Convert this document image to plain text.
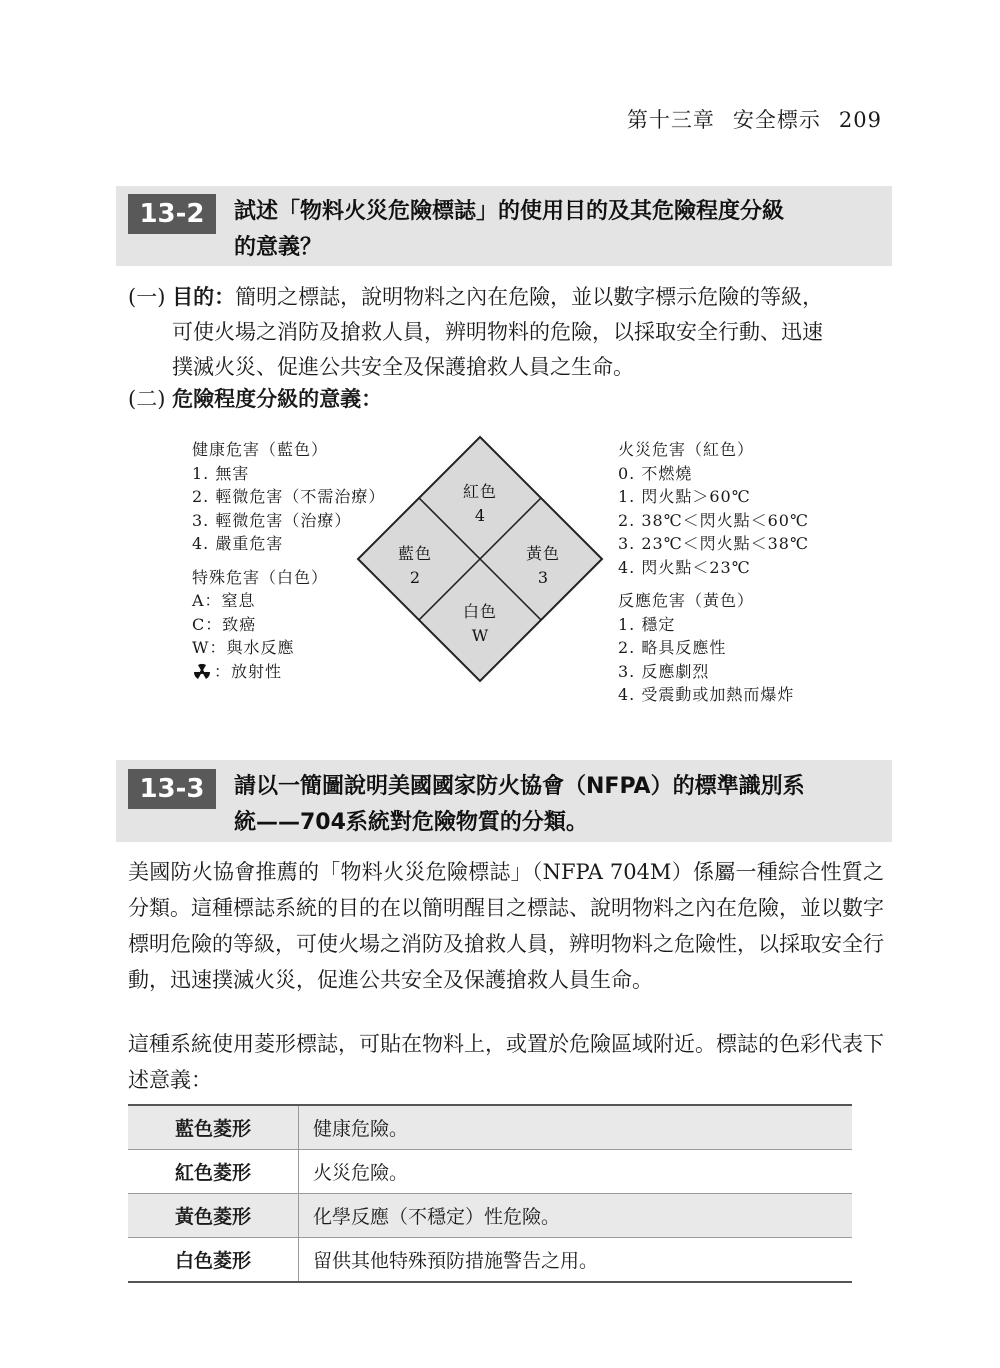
第十三章 安全標示 209
13-2	試述「物料火災危險標誌」的使用目的及其危險程度分級
的意義？
(一) 目的：簡明之標誌，說明物料之內在危險，並以數字標示危險的等級，
可使火場之消防及搶救人員，辨明物料的危險，以採取安全行動、迅速
撲滅火災、促進公共安全及保護搶救人員之生命。
(二) 危險程度分級的意義：
健康危害（藍色）
1. 無害
2. 輕微危害（不需治療）
3. 輕微危害（治療）
4. 嚴重危害
特殊危害（白色）
A：窒息
C：致癌
W：與水反應
：放射性
紅色
4
藍色
2
黃色
3
白色
W
火災危害（紅色）
0. 不燃燒
1. 閃火點＞60℃
2. 38℃＜閃火點＜60℃
3. 23℃＜閃火點＜38℃
4. 閃火點＜23℃
反應危害（黃色）
1. 穩定
2. 略具反應性
3. 反應劇烈
4. 受震動或加熱而爆炸
13-3	請以一簡圖說明美國國家防火協會（NFPA）的標準識別系
統——704系統對危險物質的分類。
美國防火協會推薦的「物料火災危險標誌」（NFPA 704M）係屬一種綜合性質之分類。這種標誌系統的目的在以簡明醒目之標誌、說明物料之內在危險，並以數字標明危險的等級，可使火場之消防及搶救人員，辨明物料之危險性，以採取安全行動，迅速撲滅火災，促進公共安全及保護搶救人員生命。
這種系統使用菱形標誌，可貼在物料上，或置於危險區域附近。標誌的色彩代表下述意義：
藍色菱形	健康危險。
紅色菱形	火災危險。
黃色菱形	化學反應（不穩定）性危險。
白色菱形	留供其他特殊預防措施警告之用。
